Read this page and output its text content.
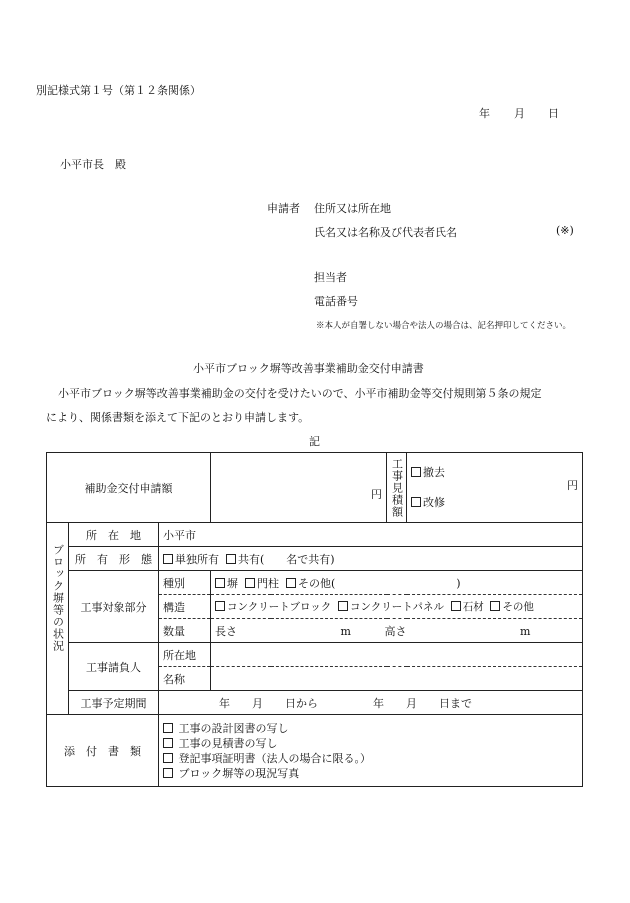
別記様式第１号（第１２条関係）
年 月 日
小平市長　殿
申請者 住所又は所在地
氏名又は名称及び代表者氏名	(※)
担当者
電話番号
※本人が自署しない場合や法人の場合は、記名押印してください。
小平市ブロック塀等改善事業補助金交付申請書
小平市ブロック塀等改善事業補助金の交付を受けたいので、小平市補助金等交付規則第５条の規定
により、関係書類を添えて下記のとおり申請します。
記
補助金交付申請額			円	工事見積額	撤去
円
改修

ブロック塀等の状況	所　在　地	小平市			
	所　有　形　態	単独所有 共有(　　名で共有)			
	工事対象部分	種別	塀 門柱 その他(　　　　　　　　　　　)		
		構造	コンクリートブロック コンクリートパネル 石材 その他		
		数量	長さ m 高さ m		
	工事請負人	所在地			
		名称			
	工事予定期間	年　　月　　日から　　　　　年　　月　　日まで			
添　付　書　類		工事の設計図書の写し
工事の見積書の写し
登記事項証明書（法人の場合に限る。）
ブロック塀等の現況写真			
